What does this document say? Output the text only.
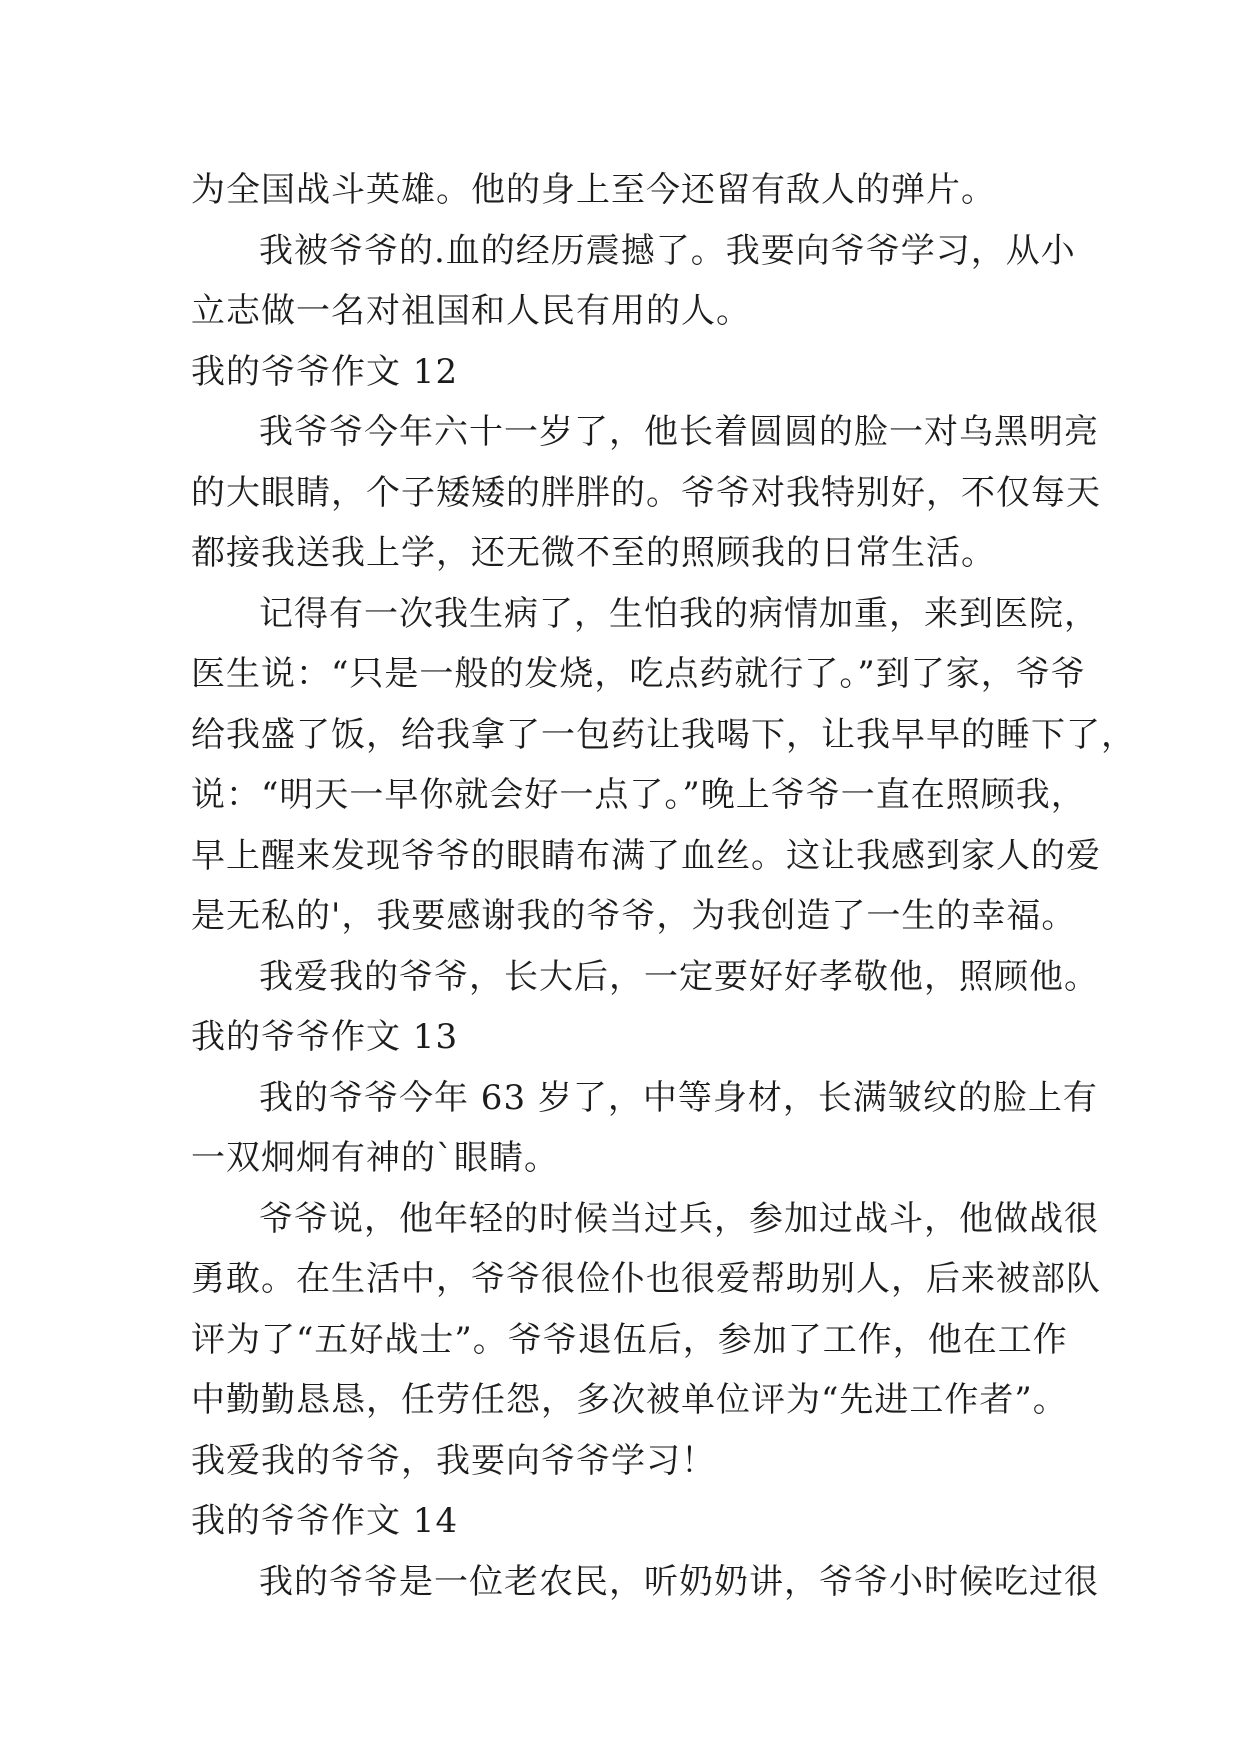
为全国战斗英雄。他的身上至今还留有敌人的弹片。
我被爷爷的.血的经历震撼了。我要向爷爷学习，从小
立志做一名对祖国和人民有用的人。
我的爷爷作文 12
我爷爷今年六十一岁了，他长着圆圆的脸一对乌黑明亮
的大眼睛，个子矮矮的胖胖的。爷爷对我特别好，不仅每天
都接我送我上学，还无微不至的照顾我的日常生活。
记得有一次我生病了，生怕我的病情加重，来到医院，
医生说：“只是一般的发烧，吃点药就行了。”到了家，爷爷
给我盛了饭，给我拿了一包药让我喝下，让我早早的睡下了，
说：“明天一早你就会好一点了。”晚上爷爷一直在照顾我，
早上醒来发现爷爷的眼睛布满了血丝。这让我感到家人的爱
是无私的'，我要感谢我的爷爷，为我创造了一生的幸福。
我爱我的爷爷，长大后，一定要好好孝敬他，照顾他。
我的爷爷作文 13
我的爷爷今年 63 岁了，中等身材，长满皱纹的脸上有
一双炯炯有神的`眼睛。
爷爷说，他年轻的时候当过兵，参加过战斗，他做战很
勇敢。在生活中，爷爷很俭仆也很爱帮助别人，后来被部队
评为了“五好战士”。爷爷退伍后，参加了工作，他在工作
中勤勤恳恳，任劳任怨，多次被单位评为“先进工作者”。
我爱我的爷爷，我要向爷爷学习！
我的爷爷作文 14
我的爷爷是一位老农民，听奶奶讲，爷爷小时候吃过很
